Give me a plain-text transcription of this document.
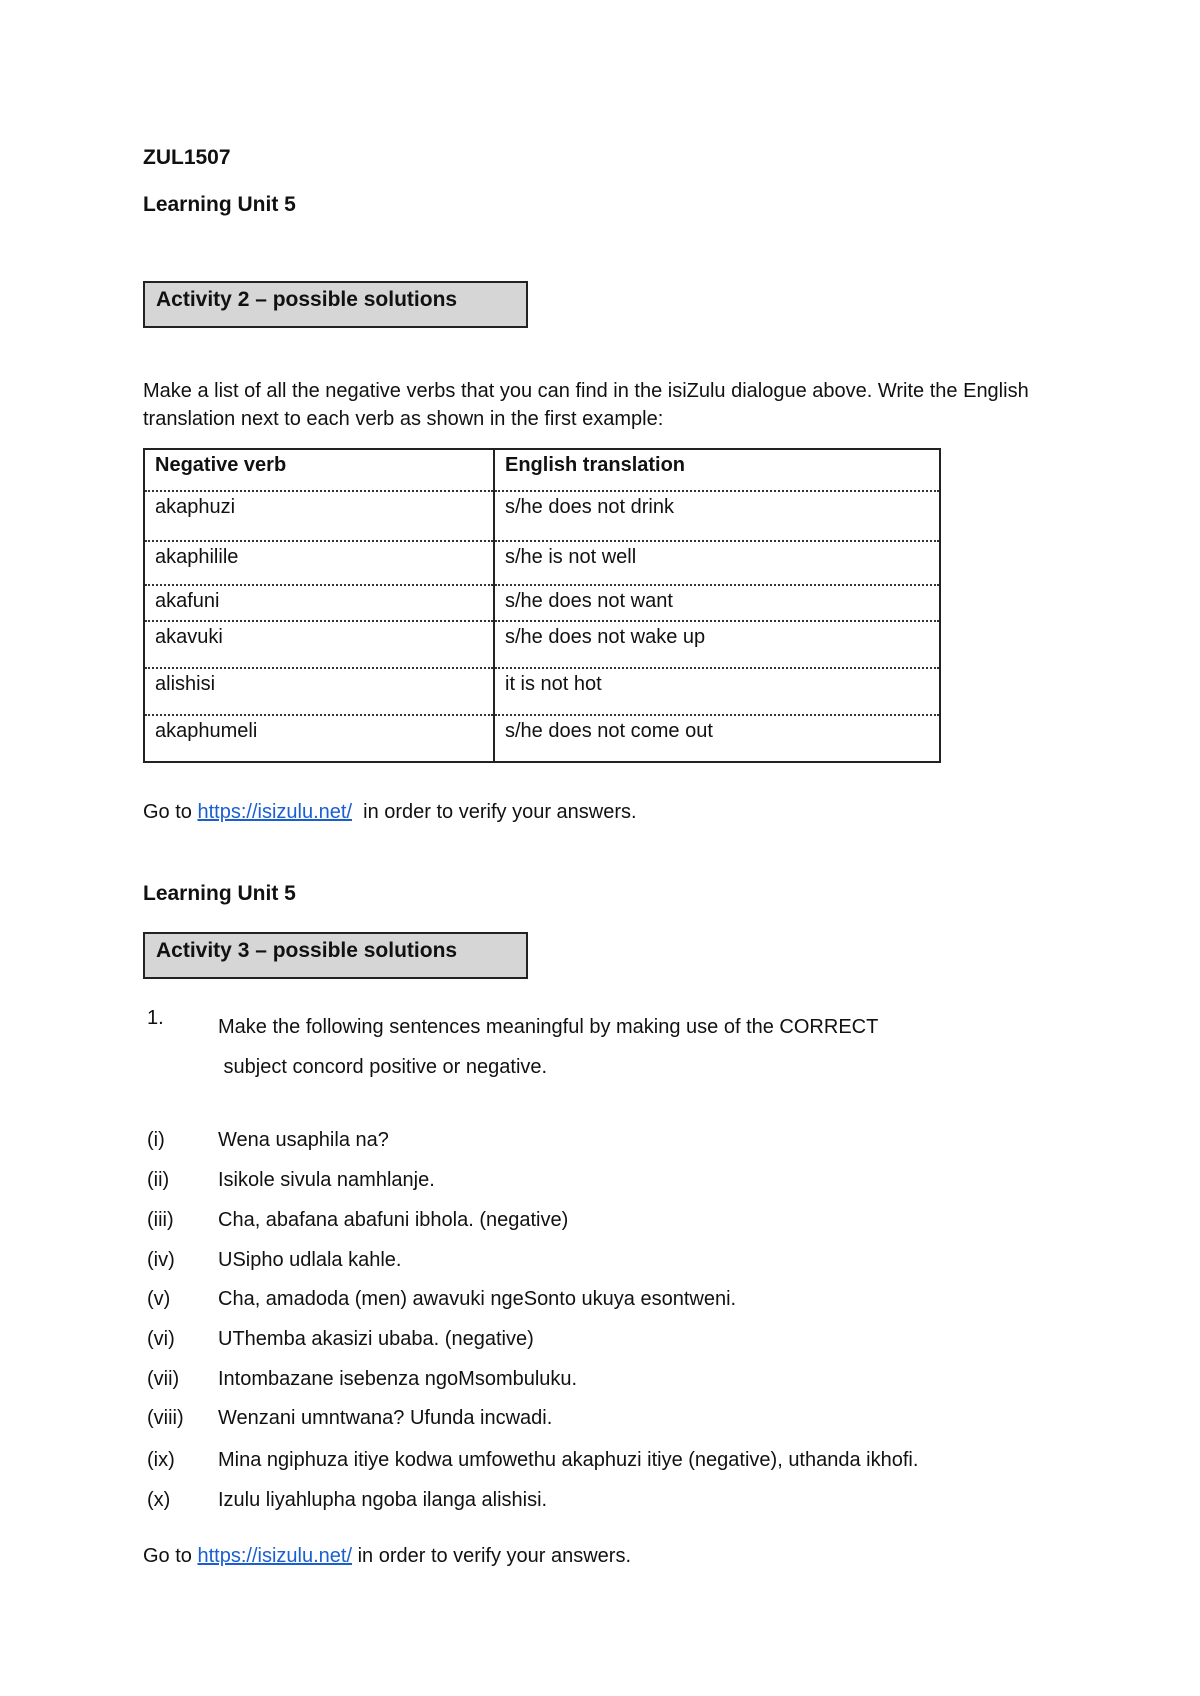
ZUL1507
Learning Unit 5
Activity 2 – possible solutions
Make a list of all the negative verbs that you can find in the isiZulu dialogue above. Write the English translation next to each verb as shown in the first example:
Negative verb	English translation
akaphuzi	s/he does not drink
akaphilile	s/he is not well
akafuni	s/he does not want
akavuki	s/he does not wake up
alishisi	it is not hot
akaphumeli	s/he does not come out
Go to https://isizulu.net/  in order to verify your answers.
Learning Unit 5
Activity 3 – possible solutions
1.	Make the following sentences meaningful by making use of the CORRECT
subject concord positive or negative.
(i)	Wena usaphila na?
(ii) Isikole sivula namhlanje.
(iii) Cha, abafana abafuni ibhola. (negative)
(iv) USipho udlala kahle.
(v) Cha, amadoda (men) awavuki ngeSonto ukuya esontweni.
(vi) UThemba akasizi ubaba. (negative)
(vii) Intombazane isebenza ngoMsombuluku.
(viii) Wenzani umntwana? Ufunda incwadi.
(ix) Mina ngiphuza itiye kodwa umfowethu akaphuzi itiye (negative), uthanda ikhofi.
(x) Izulu liyahlupha ngoba ilanga alishisi.
Go to https://isizulu.net/ in order to verify your answers.
